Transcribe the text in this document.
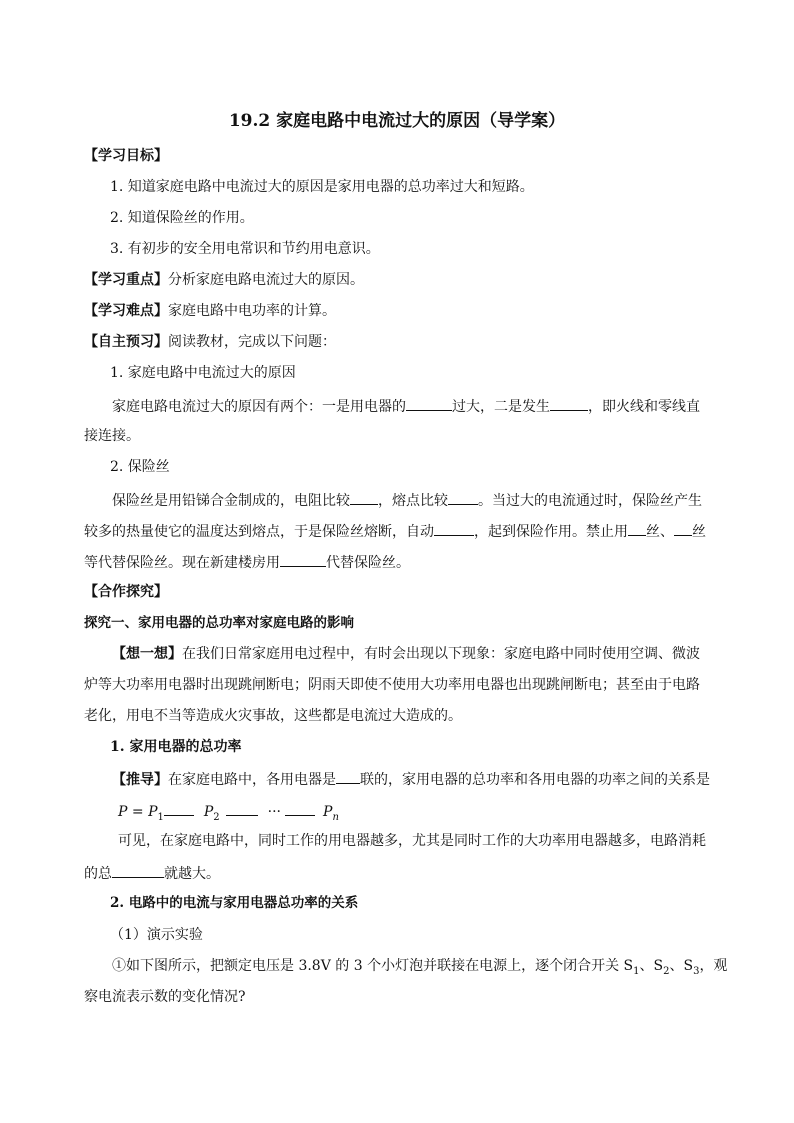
19.2 家庭电路中电流过大的原因（导学案）
【学习目标】
1. 知道家庭电路中电流过大的原因是家用电器的总功率过大和短路。
2. 知道保险丝的作用。
3. 有初步的安全用电常识和节约用电意识。
【学习重点】分析家庭电路电流过大的原因。
【学习难点】家庭电路中电功率的计算。
【自主预习】阅读教材，完成以下问题：
1. 家庭电路中电流过大的原因
家庭电路电流过大的原因有两个：一是用电器的	过大，二是发生	，即火线和零线直
接连接。
2. 保险丝
保险丝是用铅锑合金制成的，电阻比较 ，熔点比较 。当过大的电流通过时，保险丝产生
较多的热量使它的温度达到熔点，于是保险丝熔断，自动	，起到保险作用。禁止用 丝、 丝
等代替保险丝。现在新建楼房用	代替保险丝。
【合作探究】
探究一、家用电器的总功率对家庭电路的影响
【想一想】在我们日常家庭用电过程中，有时会出现以下现象：家庭电路中同时使用空调、微波
炉等大功率用电器时出现跳闸断电；阴雨天即使不使用大功率用电器也出现跳闸断电；甚至由于电路
老化，用电不当等造成火灾事故，这些都是电流过大造成的。
1. 家用电器的总功率
【推导】在家庭电路中，各用电器是 联的，家用电器的总功率和各用电器的功率之间的关系是
$P = P_1$	$P_2$	···	$P_n$
可见，在家庭电路中，同时工作的用电器越多，尤其是同时工作的大功率用电器越多，电路消耗
的总	就越大。
2. 电路中的电流与家用电器总功率的关系
（1）演示实验
①如下图所示，把额定电压是 3.8V 的 3 个小灯泡并联接在电源上，逐个闭合开关 $S_1$、$S_2$、$S_3$，观
察电流表示数的变化情况?
